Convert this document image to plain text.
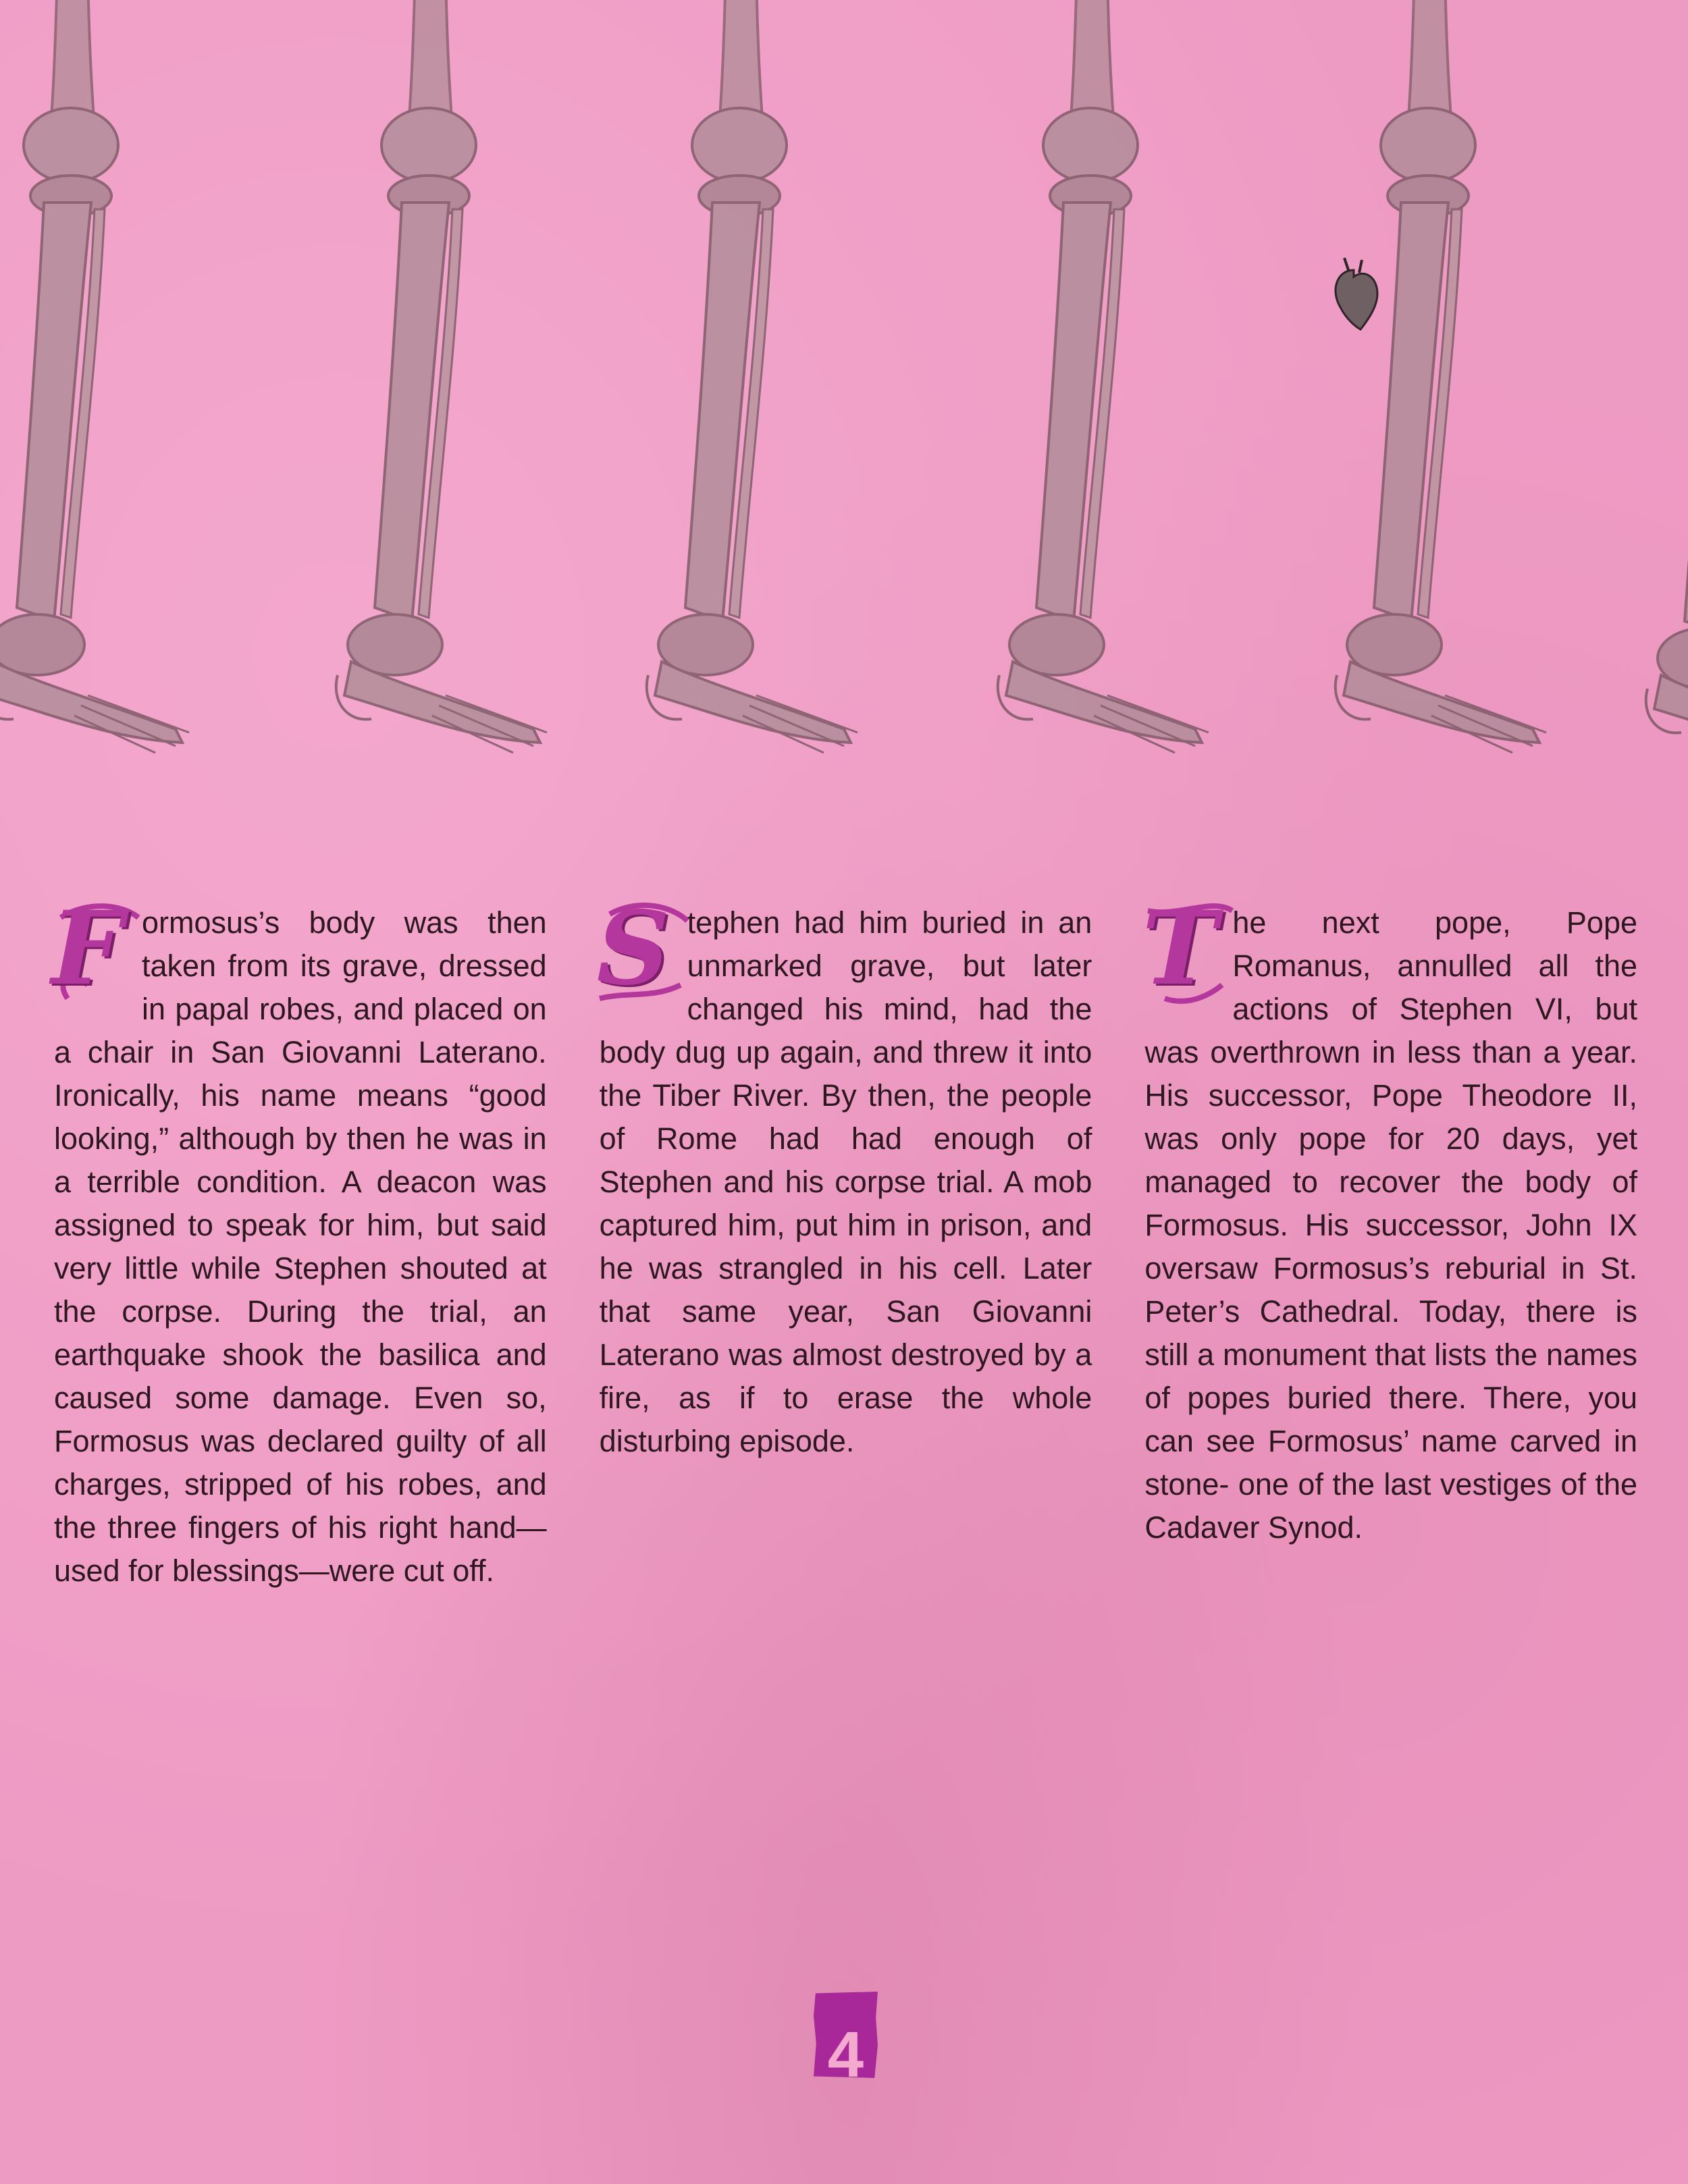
F ormosus’s body was then taken from its grave, dressed in papal robes, and placed on a chair in San Giovanni Laterano. Ironically, his name means “good looking,” although by then he was in a terrible condition. A deacon was assigned to speak for him, but said very little while Stephen shouted at the corpse. During the trial, an earthquake shook the basilica and caused some damage. Even so, Formosus was declared guilty of all charges, stripped of his robes, and the three fingers of his right hand—used for blessings—were cut off.
S tephen had him buried in an unmarked grave, but later changed his mind, had the body dug up again, and threw it into the Tiber River. By then, the people of Rome had had enough of Stephen and his corpse trial. A mob captured him, put him in prison, and he was strangled in his cell. Later that same year, San Giovanni Laterano was almost destroyed by a fire, as if to erase the whole disturbing episode.
T he next pope, Pope Romanus, annulled all the actions of Stephen VI, but was overthrown in less than a year. His successor, Pope Theodore II, was only pope for 20 days, yet managed to recover the body of Formosus. His successor, John IX oversaw Formosus’s reburial in St. Peter’s Cathedral. Today, there is still a monument that lists the names of popes buried there. There, you can see Formosus’ name carved in stone- one of the last vestiges of the Cadaver Synod.
4
